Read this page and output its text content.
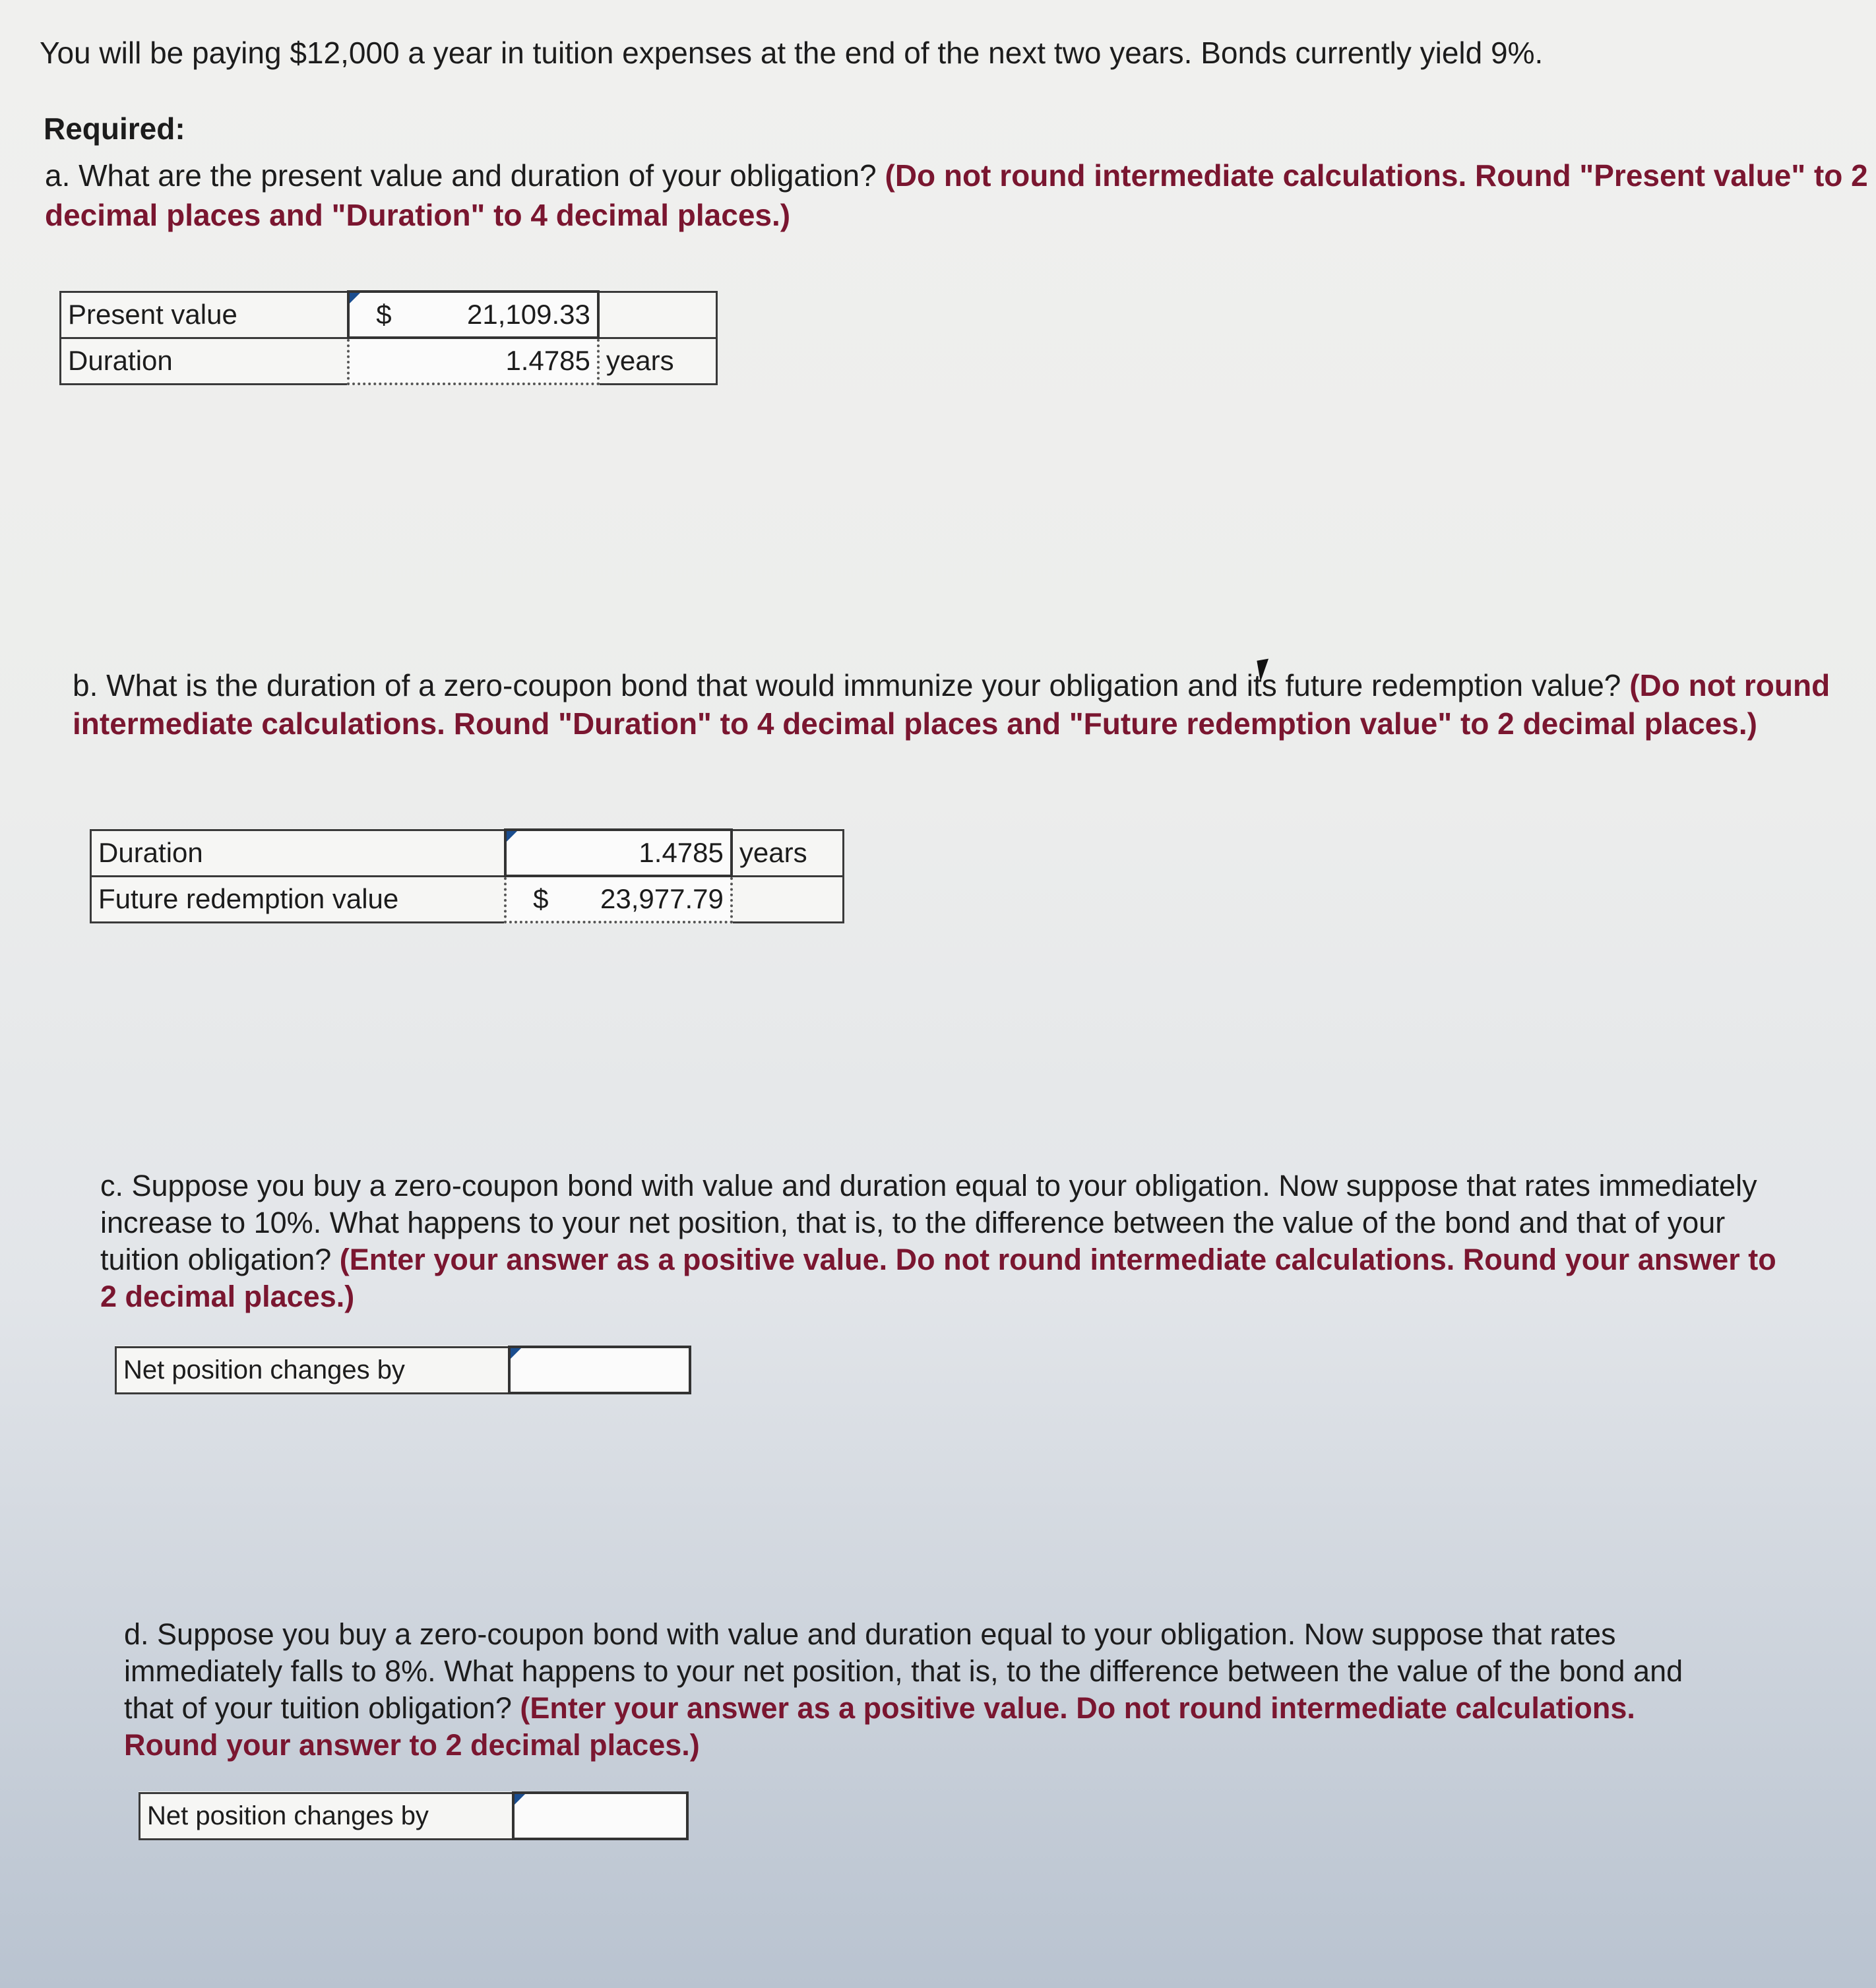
You will be paying $12,000 a year in tuition expenses at the end of the next two years. Bonds currently yield 9%.

Required:

a. What are the present value and duration of your obligation? (Do not round intermediate calculations. Round "Present value" to 2 decimal places and "Duration" to 4 decimal places.)

Present value	$ 21,109.33	
Duration	1.4785	years

b. What is the duration of a zero-coupon bond that would immunize your obligation and its future redemption value? (Do not round intermediate calculations. Round "Duration" to 4 decimal places and "Future redemption value" to 2 decimal places.)

Duration	1.4785	years
Future redemption value	$ 23,977.79	

c. Suppose you buy a zero-coupon bond with value and duration equal to your obligation. Now suppose that rates immediately increase to 10%. What happens to your net position, that is, to the difference between the value of the bond and that of your tuition obligation? (Enter your answer as a positive value. Do not round intermediate calculations. Round your answer to 2 decimal places.)

Net position changes by	

d. Suppose you buy a zero-coupon bond with value and duration equal to your obligation. Now suppose that rates immediately falls to 8%. What happens to your net position, that is, to the difference between the value of the bond and that of your tuition obligation? (Enter your answer as a positive value. Do not round intermediate calculations. Round your answer to 2 decimal places.)

Net position changes by	
